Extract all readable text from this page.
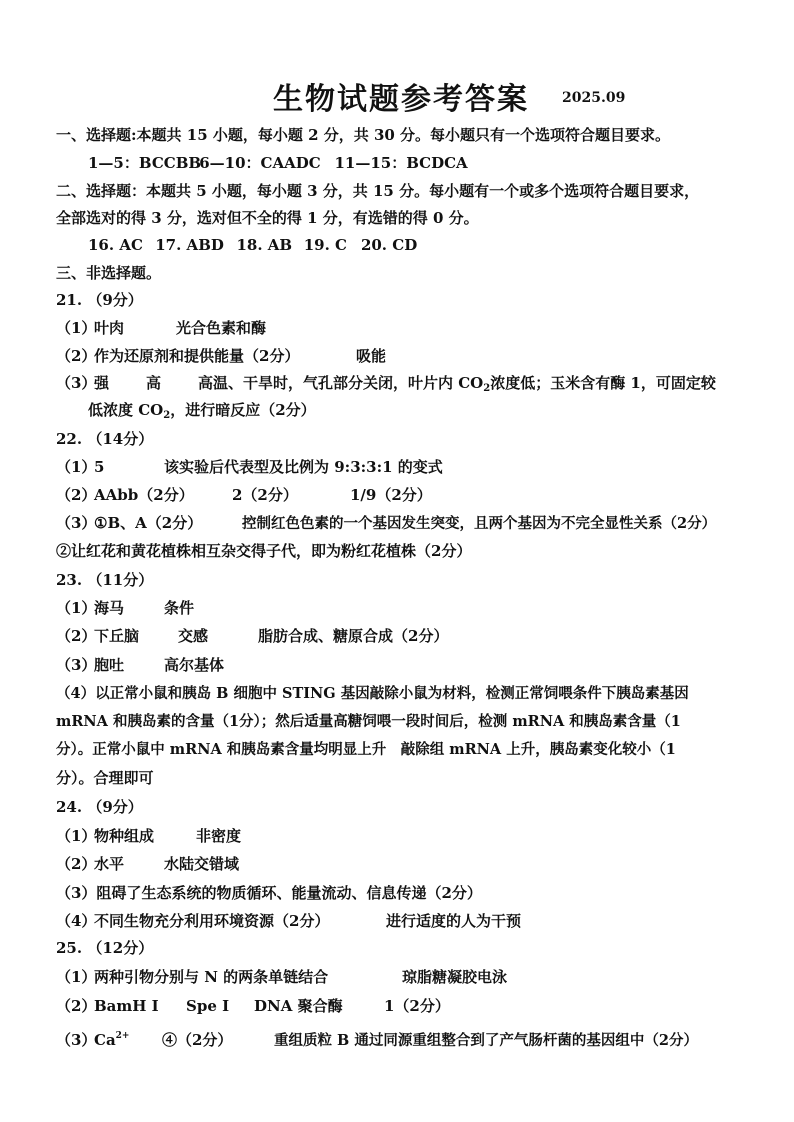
生物试题参考答案 2025.09
一、选择题:本题共 15 小题，每小题 2 分，共 30 分。每小题只有一个选项符合题目要求。
1—5：BCCBB 6—10：CAADC 11—15：BCDCA
二、选择题：本题共 5 小题，每小题 3 分，共 15 分。每小题有一个或多个选项符合题目要求，
全部选对的得 3 分，选对但不全的得 1 分，有选错的得 0 分。
16. AC 17. ABD 18. AB 19. C 20. CD
三、非选择题。
21. （9分）
（1）叶肉	光合色素和酶
（2）作为还原剂和提供能量（2分）	吸能
（3）强 高 高温、干旱时，气孔部分关闭，叶片内 $CO_2$浓度低；玉米含有酶 1，可固定较
低浓度 $CO_2$，进行暗反应（2分）
22. （14分）
（1）5	该实验后代表型及比例为 9:3:3:1 的变式
（2）AAbb（2分）	2（2分）	1/9（2分）
（3）①B、A（2分）	控制红色色素的一个基因发生突变，且两个基因为不完全显性关系（2分）
②让红花和黄花植株相互杂交得子代，即为粉红花植株（2分）
23. （11分）
（1）海马	条件
（2）下丘脑	交感	脂肪合成、糖原合成（2分）
（3）胞吐	高尔基体
（4）以正常小鼠和胰岛 B 细胞中 STING 基因敲除小鼠为材料，检测正常饲喂条件下胰岛素基因
mRNA 和胰岛素的含量（1分）；然后适量高糖饲喂一段时间后，检测 mRNA 和胰岛素含量（1
分）。正常小鼠中 mRNA 和胰岛素含量均明显上升　敲除组 mRNA 上升，胰岛素变化较小（1
分）。合理即可
24. （9分）
（1）物种组成	非密度
（2）水平	水陆交错域
（3）阻碍了生态系统的物质循环、能量流动、信息传递（2分）
（4）不同生物充分利用环境资源（2分）	进行适度的人为干预
25. （12分）
（1）两种引物分别与 N 的两条单链结合	琼脂糖凝胶电泳
（2）BamH I Spe I DNA 聚合酶	1（2分）
$(3)Ca^{2+}$ ④（2分）	重组质粒 B 通过同源重组整合到了产气肠杆菌的基因组中（2分）
